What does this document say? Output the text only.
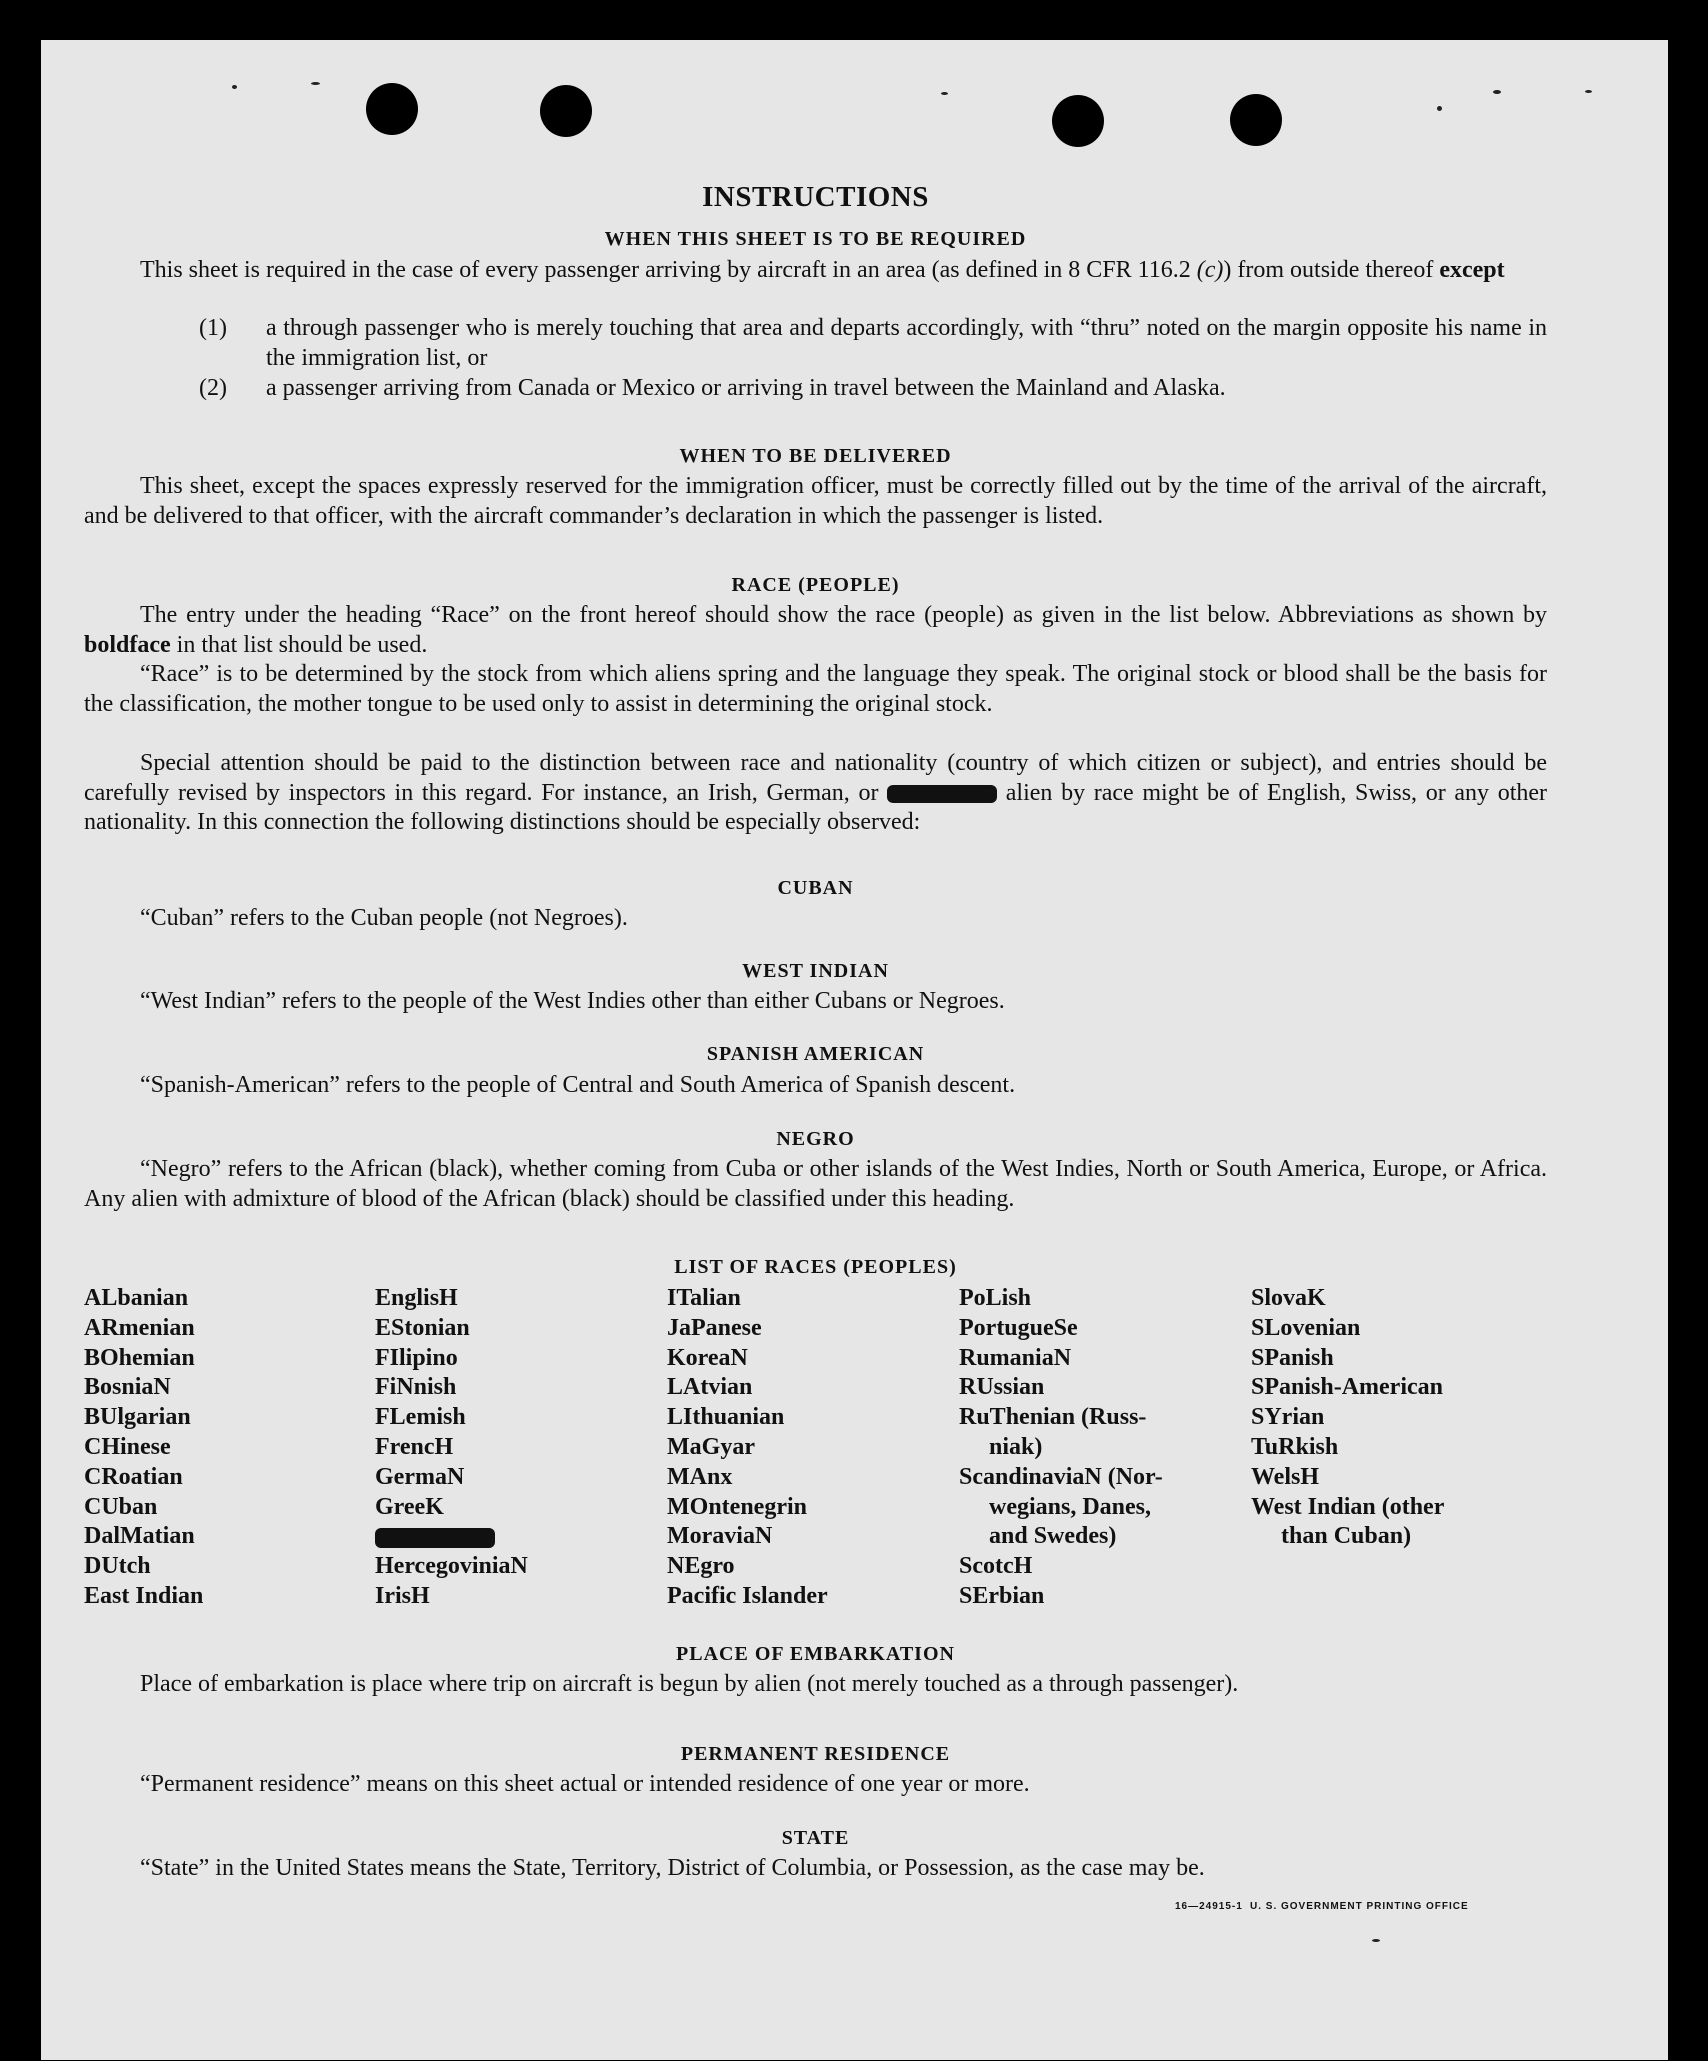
INSTRUCTIONS
WHEN THIS SHEET IS TO BE REQUIRED
This sheet is required in the case of every passenger arriving by aircraft in an area (as defined in 8 CFR 116.2 (c)) from outside thereof except
(1) a through passenger who is merely touching that area and departs accordingly, with “thru” noted on the margin opposite his name in the immigration list, or
(2) a passenger arriving from Canada or Mexico or arriving in travel between the Mainland and Alaska.
WHEN TO BE DELIVERED
This sheet, except the spaces expressly reserved for the immigration officer, must be correctly filled out by the time of the arrival of the aircraft, and be delivered to that officer, with the aircraft commander’s declaration in which the passenger is listed.
RACE (PEOPLE)
The entry under the heading “Race” on the front hereof should show the race (people) as given in the list below. Abbreviations as shown by boldface in that list should be used.
“Race” is to be determined by the stock from which aliens spring and the language they speak. The original stock or blood shall be the basis for the classification, the mother tongue to be used only to assist in determining the original stock.
Special attention should be paid to the distinction between race and nationality (country of which citizen or subject), and entries should be carefully revised by inspectors in this regard. For instance, an Irish, German, or	alien by race might be of English, Swiss, or any other nationality. In this connection the following distinctions should be especially observed:
CUBAN
“Cuban” refers to the Cuban people (not Negroes).
WEST INDIAN
“West Indian” refers to the people of the West Indies other than either Cubans or Negroes.
SPANISH AMERICAN
“Spanish-American” refers to the people of Central and South America of Spanish descent.
NEGRO
“Negro” refers to the African (black), whether coming from Cuba or other islands of the West Indies, North or South America, Europe, or Africa. Any alien with admixture of blood of the African (black) should be classified under this heading.
LIST OF RACES (PEOPLES)
ALbanian
ARmenian
BOhemian
BosniaN
BUlgarian
CHinese
CRoatian
CUban
DalMatian
DUtch
East Indian
EnglisH
EStonian
FIlipino
FiNnish
FLemish
FrencH
GermaN
GreeK
HercegoviniaN
IrisH
ITalian
JaPanese
KoreaN
LAtvian
LIthuanian
MaGyar
MAnx
MOntenegrin
MoraviaN
NEgro
Pacific Islander
PoLish
PortugueSe
RumaniaN
RUssian
RuThenian (Russ-
niak)
ScandinaviaN (Nor-
wegians, Danes,
and Swedes)
ScotcH
SErbian
SlovaK
SLovenian
SPanish
SPanish-American
SYrian
TuRkish
WelsH
West Indian (other
than Cuban)
PLACE OF EMBARKATION
Place of embarkation is place where trip on aircraft is begun by alien (not merely touched as a through passenger).
PERMANENT RESIDENCE
“Permanent residence” means on this sheet actual or intended residence of one year or more.
STATE
“State” in the United States means the State, Territory, District of Columbia, or Possession, as the case may be.
16—24915-1 U. S. GOVERNMENT PRINTING OFFICE
